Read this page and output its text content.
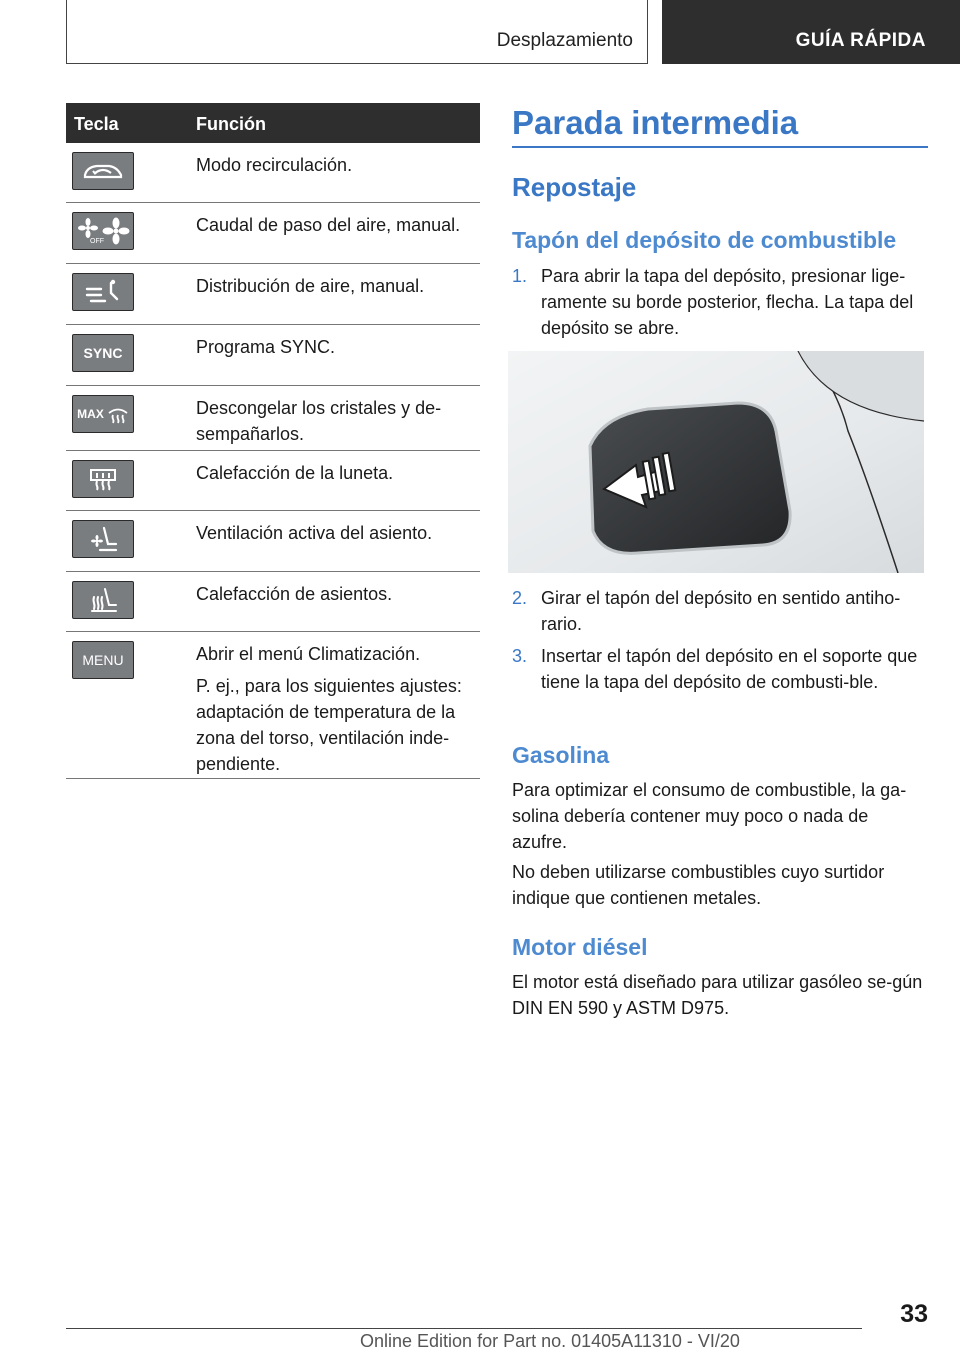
Desplazamiento	GUÍA RÁPIDA
Tecla	Función
Modo recirculación.
OFF
Caudal de paso del aire, manual.
Distribución de aire, manual.
SYNC	Programa SYNC.
MAX	Descongelar los cristales y de-sempañarlos.
Calefacción de la luneta.
Ventilación activa del asiento.
Calefacción de asientos.
MENU	Abrir el menú Climatización.

P. ej., para los siguientes ajustes: adaptación de temperatura de la zona del torso, ventilación inde-pendiente.

Parada intermedia
Repostaje
Tapón del depósito de combustible
1. Para abrir la tapa del depósito, presionar lige-ramente su borde posterior, flecha. La tapa del depósito se abre.
2. Girar el tapón del depósito en sentido antiho-rario.
3. Insertar el tapón del depósito en el soporte que tiene la tapa del depósito de combusti-ble.
Gasolina
Para optimizar el consumo de combustible, la ga-solina debería contener muy poco o nada de azufre.
No deben utilizarse combustibles cuyo surtidor indique que contienen metales.
Motor diésel
El motor está diseñado para utilizar gasóleo se-gún DIN EN 590 y ASTM D975.
33
Online Edition for Part no. 01405A11310 - VI/20
